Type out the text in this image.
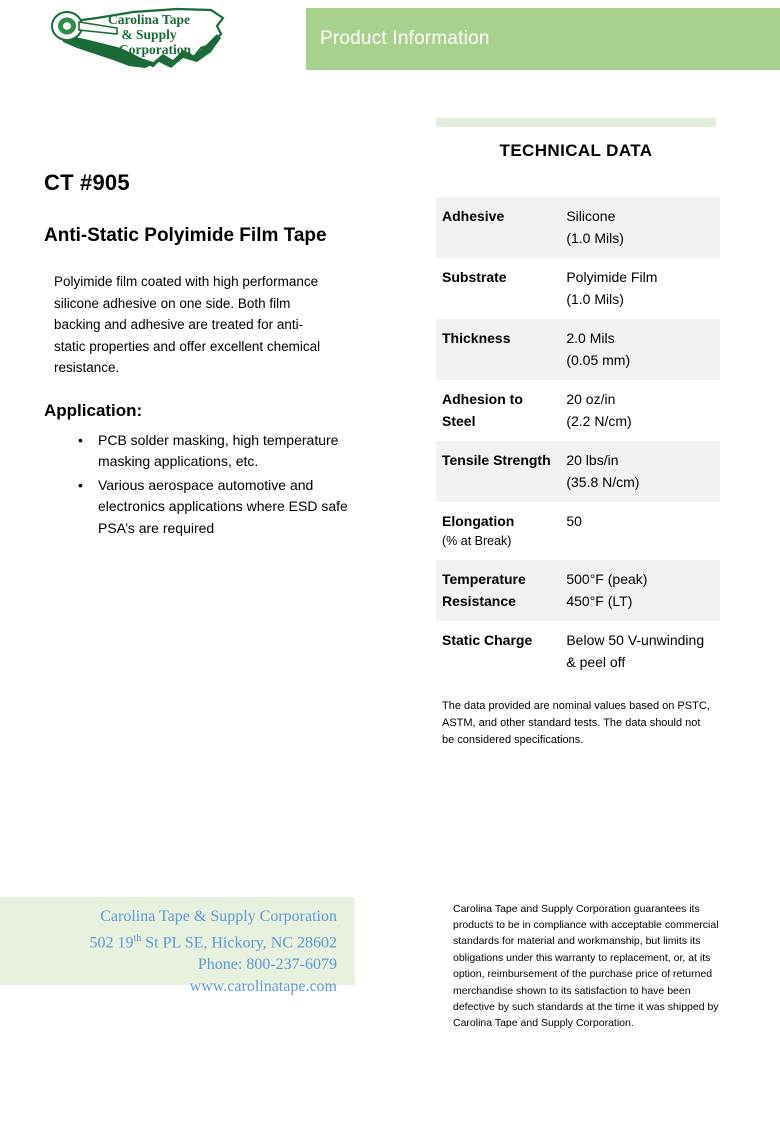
Carolina Tape
& Supply
Corporation
Product Information
CT #905
Anti-Static Polyimide Film Tape

Polyimide film coated with high performance silicone adhesive on one side. Both film backing and adhesive are treated for anti-static properties and offer excellent chemical resistance.

Application:
• PCB solder masking, high temperature masking applications, etc.
• Various aerospace automotive and electronics applications where ESD safe PSA’s are required
TECHNICAL DATA
Adhesive	Silicone
(1.0 Mils)
Substrate	Polyimide Film
(1.0 Mils)
Thickness	2.0 Mils
(0.05 mm)
Adhesion to Steel	20 oz/in
(2.2 N/cm)
Tensile Strength	20 lbs/in
(35.8 N/cm)
Elongation
(% at Break)	50
Temperature Resistance	500°F (peak)
450°F (LT)
Static Charge	Below 50 V-unwinding & peel off

The data provided are nominal values based on PSTC, ASTM, and other standard tests. The data should not be considered specifications.

Carolina Tape & Supply Corporation
502 19th St PL SE, Hickory, NC 28602
Phone: 800-237-6079
www.carolinatape.com

Carolina Tape and Supply Corporation guarantees its products to be in compliance with acceptable commercial standards for material and workmanship, but limits its obligations under this warranty to replacement, or, at its option, reimbursement of the purchase price of returned merchandise shown to its satisfaction to have been defective by such standards at the time it was shipped by Carolina Tape and Supply Corporation.
